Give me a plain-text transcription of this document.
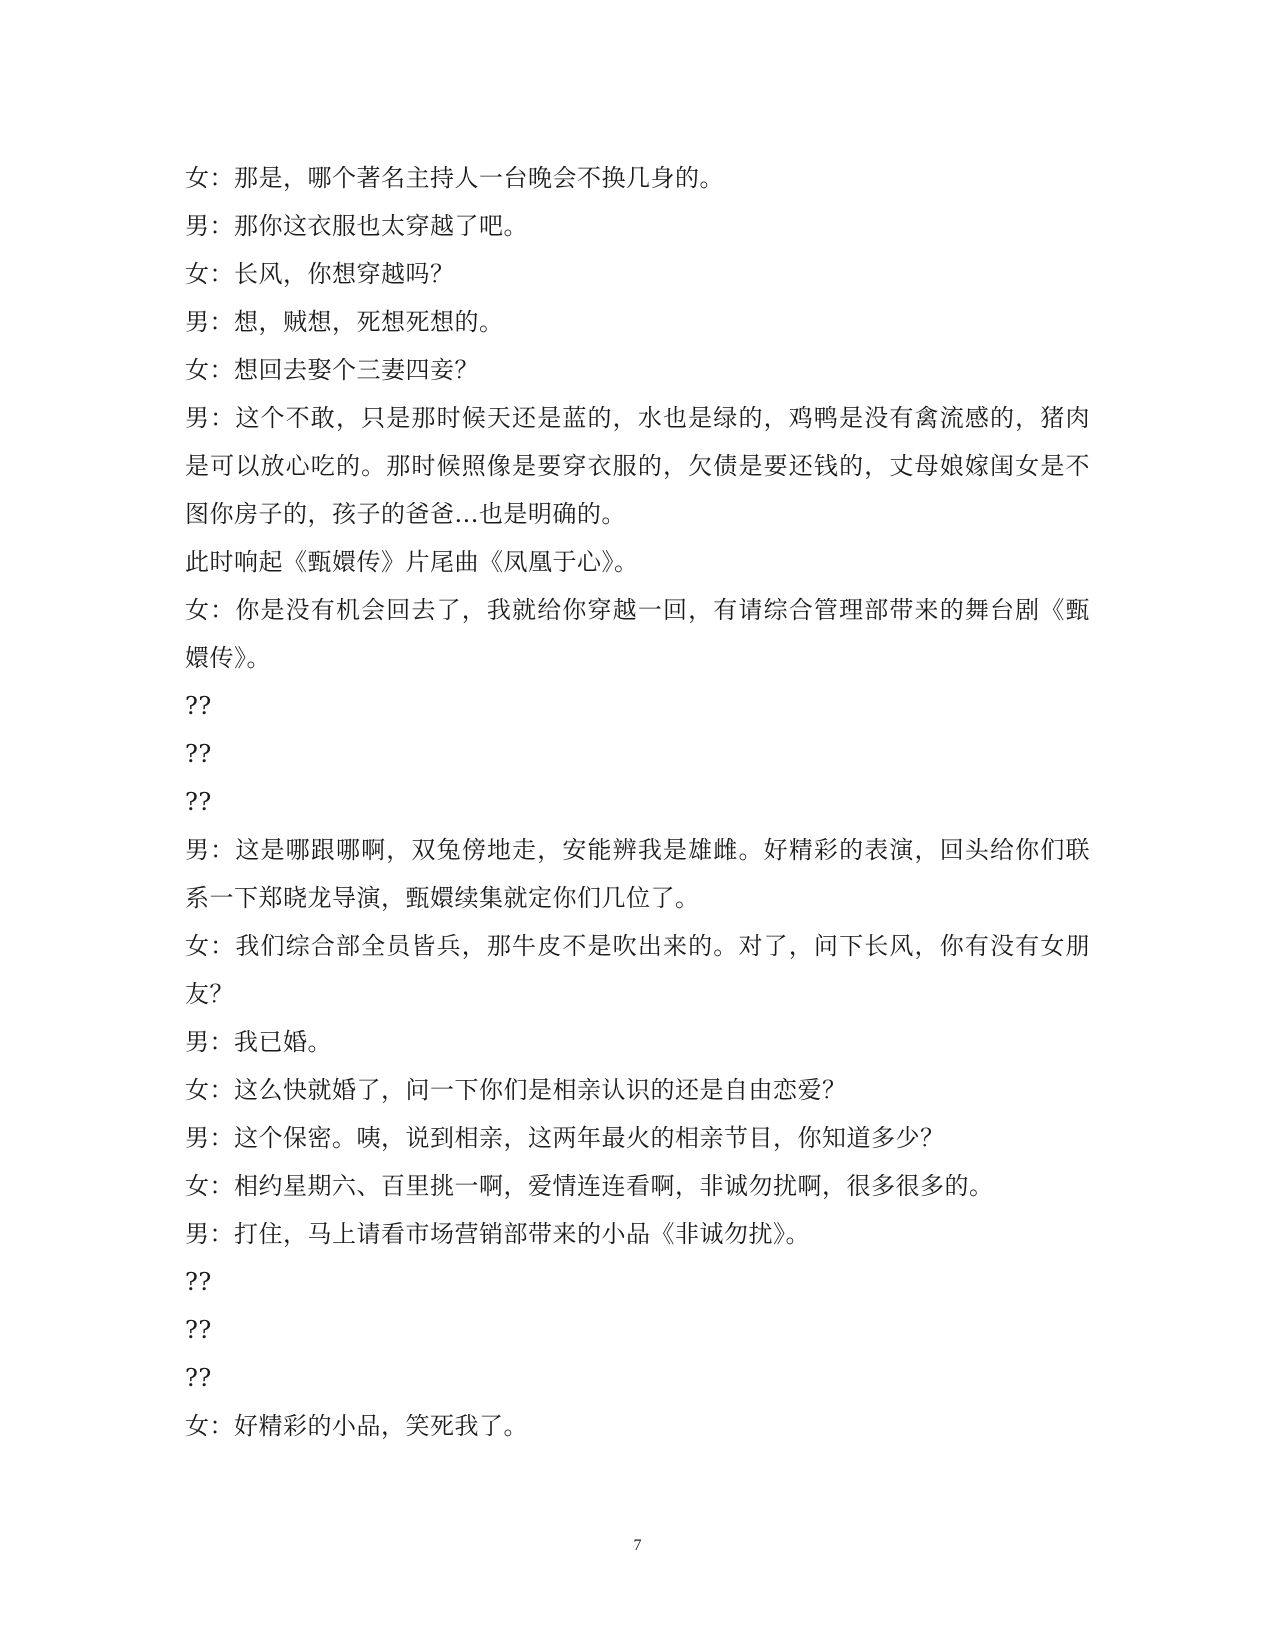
女：那是，哪个著名主持人一台晚会不换几身的。

男：那你这衣服也太穿越了吧。

女：长风，你想穿越吗？

男：想，贼想，死想死想的。

女：想回去娶个三妻四妾？

男：这个不敢，只是那时候天还是蓝的，水也是绿的，鸡鸭是没有禽流感的，猪肉是可以放心吃的。那时候照像是要穿衣服的，欠债是要还钱的，丈母娘嫁闺女是不图你房子的，孩子的爸爸...也是明确的。

此时响起《甄嬛传》片尾曲《凤凰于心》。

女：你是没有机会回去了，我就给你穿越一回，有请综合管理部带来的舞台剧《甄嬛传》。

??

??

??

男：这是哪跟哪啊，双兔傍地走，安能辨我是雄雌。好精彩的表演，回头给你们联系一下郑晓龙导演，甄嬛续集就定你们几位了。

女：我们综合部全员皆兵，那牛皮不是吹出来的。对了，问下长风，你有没有女朋友？

男：我已婚。

女：这么快就婚了，问一下你们是相亲认识的还是自由恋爱？

男：这个保密。咦，说到相亲，这两年最火的相亲节目，你知道多少？

女：相约星期六、百里挑一啊，爱情连连看啊，非诚勿扰啊，很多很多的。

男：打住，马上请看市场营销部带来的小品《非诚勿扰》。

??

??

??

女：好精彩的小品，笑死我了。

7
